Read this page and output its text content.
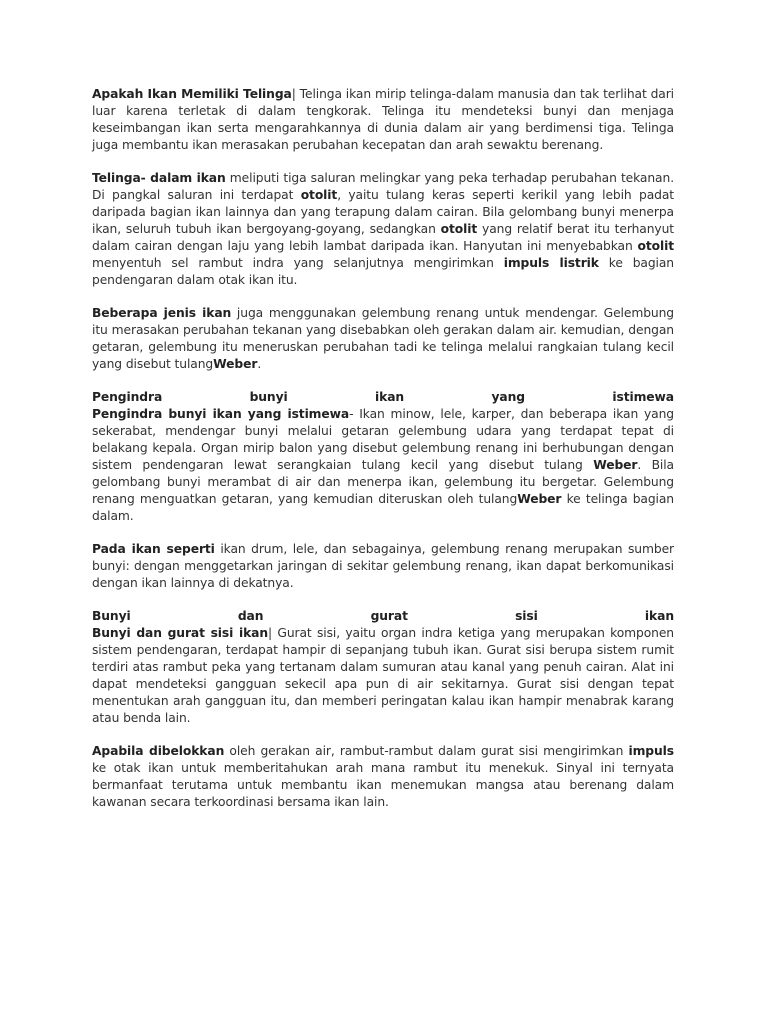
Apakah Ikan Memiliki Telinga| Telinga ikan mirip telinga-dalam manusia dan tak terlihat dari luar karena terletak di dalam tengkorak. Telinga itu mendeteksi bunyi dan menjaga keseimbangan ikan serta mengarahkannya di dunia dalam air yang berdimensi tiga. Telinga juga membantu ikan merasakan perubahan kecepatan dan arah sewaktu berenang.

Telinga- dalam ikan meliputi tiga saluran melingkar yang peka terhadap perubahan tekanan. Di pangkal saluran ini terdapat otolit, yaitu tulang keras seperti kerikil yang lebih padat daripada bagian ikan lainnya dan yang terapung dalam cairan. Bila gelombang bunyi menerpa ikan, seluruh tubuh ikan bergoyang-goyang, sedangkan otolit yang relatif berat itu terhanyut dalam cairan dengan laju yang lebih lambat daripada ikan. Hanyutan ini menyebabkan otolit menyentuh sel rambut indra yang selanjutnya mengirimkan impuls listrik ke bagian pendengaran dalam otak ikan itu.

Beberapa jenis ikan juga menggunakan gelembung renang untuk mendengar. Gelembung itu merasakan perubahan tekanan yang disebabkan oleh gerakan dalam air. kemudian, dengan getaran, gelembung itu meneruskan perubahan tadi ke telinga melalui rangkaian tulang kecil yang disebut tulangWeber.

Pengindra	bunyi	ikan	yang	istimewa
Pengindra bunyi ikan yang istimewa- Ikan minow, lele, karper, dan beberapa ikan yang sekerabat, mendengar bunyi melalui getaran gelembung udara yang terdapat tepat di belakang kepala. Organ mirip balon yang disebut gelembung renang ini berhubungan dengan sistem pendengaran lewat serangkaian tulang kecil yang disebut tulang Weber. Bila gelombang bunyi merambat di air dan menerpa ikan, gelembung itu bergetar. Gelembung renang menguatkan getaran, yang kemudian diteruskan oleh tulangWeber ke telinga bagian dalam.

Pada ikan seperti ikan drum, lele, dan sebagainya, gelembung renang merupakan sumber bunyi: dengan menggetarkan jaringan di sekitar gelembung renang, ikan dapat berkomunikasi dengan ikan lainnya di dekatnya.

Bunyi	dan	gurat	sisi	ikan
Bunyi dan gurat sisi ikan| Gurat sisi, yaitu organ indra ketiga yang merupakan komponen sistem pendengaran, terdapat hampir di sepanjang tubuh ikan. Gurat sisi berupa sistem rumit terdiri atas rambut peka yang tertanam dalam sumuran atau kanal yang penuh cairan. Alat ini dapat mendeteksi gangguan sekecil apa pun di air sekitarnya. Gurat sisi dengan tepat menentukan arah gangguan itu, dan memberi peringatan kalau ikan hampir menabrak karang atau benda lain.

Apabila dibelokkan oleh gerakan air, rambut-rambut dalam gurat sisi mengirimkan impuls ke otak ikan untuk memberitahukan arah mana rambut itu menekuk. Sinyal ini ternyata bermanfaat terutama untuk membantu ikan menemukan mangsa atau berenang dalam kawanan secara terkoordinasi bersama ikan lain.
